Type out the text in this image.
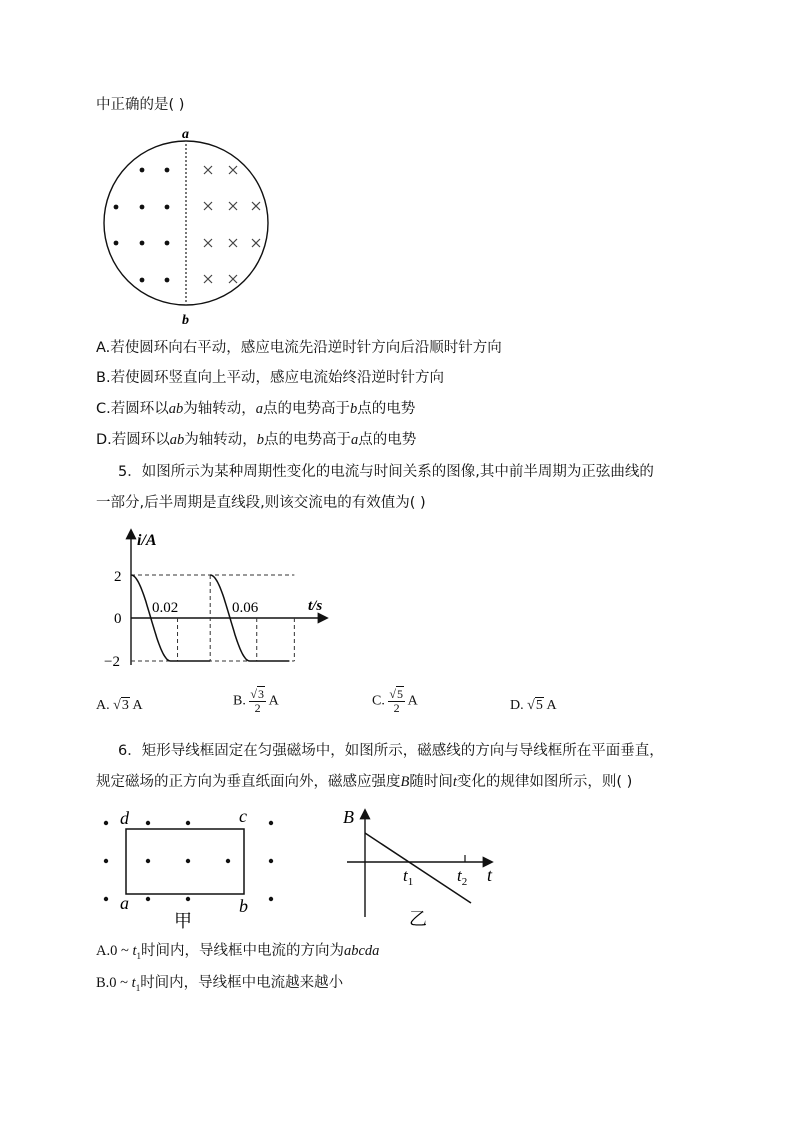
中正确的是( )
a
b
A.若使圆环向右平动，感应电流先沿逆时针方向后沿顺时针方向
B.若使圆环竖直向上平动，感应电流始终沿逆时针方向
C.若圆环以ab为轴转动，a点的电势高于b点的电势
D.若圆环以ab为轴转动，b点的电势高于a点的电势
5．如图所示为某种周期性变化的电流与时间关系的图像,其中前半周期为正弦曲线的
一部分,后半周期是直线段,则该交流电的有效值为( )
i/A
t/s
2
0
−2
0.02	0.06
A. √3 A	B. $\frac{√3}{2}$ A	C. $\frac{√5}{2}$ A	D. √5 A
6．矩形导线框固定在匀强磁场中，如图所示，磁感线的方向与导线框所在平面垂直，
规定磁场的正方向为垂直纸面向外，磁感应强度B随时间t变化的规律如图所示，则( )
d	c
a	b
甲
B
t
$t_1$	$t_2$
乙
A.0 ~ $t_1$时间内，导线框中电流的方向为abcda
B.0 ~ $t_1$时间内，导线框中电流越来越小
